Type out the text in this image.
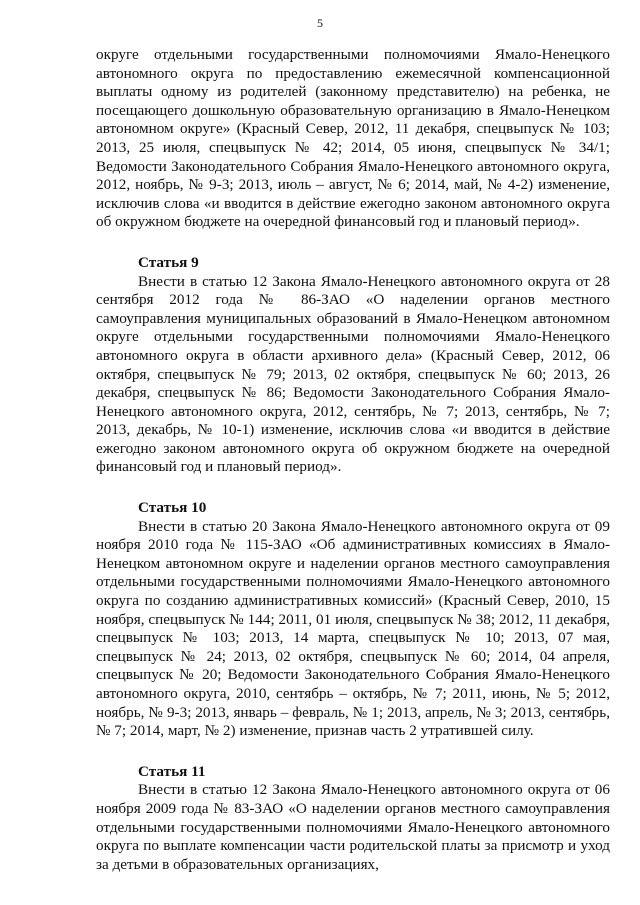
5

округе отдельными государственными полномочиями Ямало-Ненецкого автономного округа по предоставлению ежемесячной компенсационной выплаты одному из родителей (законному представителю) на ребенка, не посещающего дошкольную образовательную организацию в Ямало-Ненецком автономном округе» (Красный Север, 2012, 11 декабря, спецвыпуск № 103; 2013, 25 июля, спецвыпуск № 42; 2014, 05 июня, спецвыпуск № 34/1; Ведомости Законодательного Собрания Ямало-Ненецкого автономного округа, 2012, ноябрь, № 9-3; 2013, июль – август, № 6; 2014, май, № 4-2) изменение, исключив слова «и вводится в действие ежегодно законом автономного округа об окружном бюджете на очередной финансовый год и плановый период».

Статья 9

Внести в статью 12 Закона Ямало-Ненецкого автономного округа от 28 сентября 2012 года № 86-ЗАО «О наделении органов местного самоуправления муниципальных образований в Ямало-Ненецком автономном округе отдельными государственными полномочиями Ямало-Ненецкого автономного округа в области архивного дела» (Красный Север, 2012, 06 октября, спецвыпуск № 79; 2013, 02 октября, спецвыпуск № 60; 2013, 26 декабря, спецвыпуск № 86; Ведомости Законодательного Собрания Ямало-Ненецкого автономного округа, 2012, сентябрь, № 7; 2013, сентябрь, № 7; 2013, декабрь, № 10-1) изменение, исключив слова «и вводится в действие ежегодно законом автономного округа об окружном бюджете на очередной финансовый год и плановый период».

Статья 10

Внести в статью 20 Закона Ямало-Ненецкого автономного округа от 09 ноября 2010 года № 115-ЗАО «Об административных комиссиях в Ямало-Ненецком автономном округе и наделении органов местного самоуправления отдельными государственными полномочиями Ямало-Ненецкого автономного округа по созданию административных комиссий» (Красный Север, 2010, 15 ноября, спецвыпуск № 144; 2011, 01 июля, спецвыпуск № 38; 2012, 11 декабря, спецвыпуск № 103; 2013, 14 марта, спецвыпуск № 10; 2013, 07 мая, спецвыпуск № 24; 2013, 02 октября, спецвыпуск № 60; 2014, 04 апреля, спецвыпуск № 20; Ведомости Законодательного Собрания Ямало-Ненецкого автономного округа, 2010, сентябрь – октябрь, № 7; 2011, июнь, № 5; 2012, ноябрь, № 9-3; 2013, январь – февраль, № 1; 2013, апрель, № 3; 2013, сентябрь, № 7; 2014, март, № 2) изменение, признав часть 2 утратившей силу.

Статья 11

Внести в статью 12 Закона Ямало-Ненецкого автономного округа от 06 ноября 2009 года № 83-ЗАО «О наделении органов местного самоуправления отдельными государственными полномочиями Ямало-Ненецкого автономного округа по выплате компенсации части родительской платы за присмотр и уход за детьми в образовательных организациях,
